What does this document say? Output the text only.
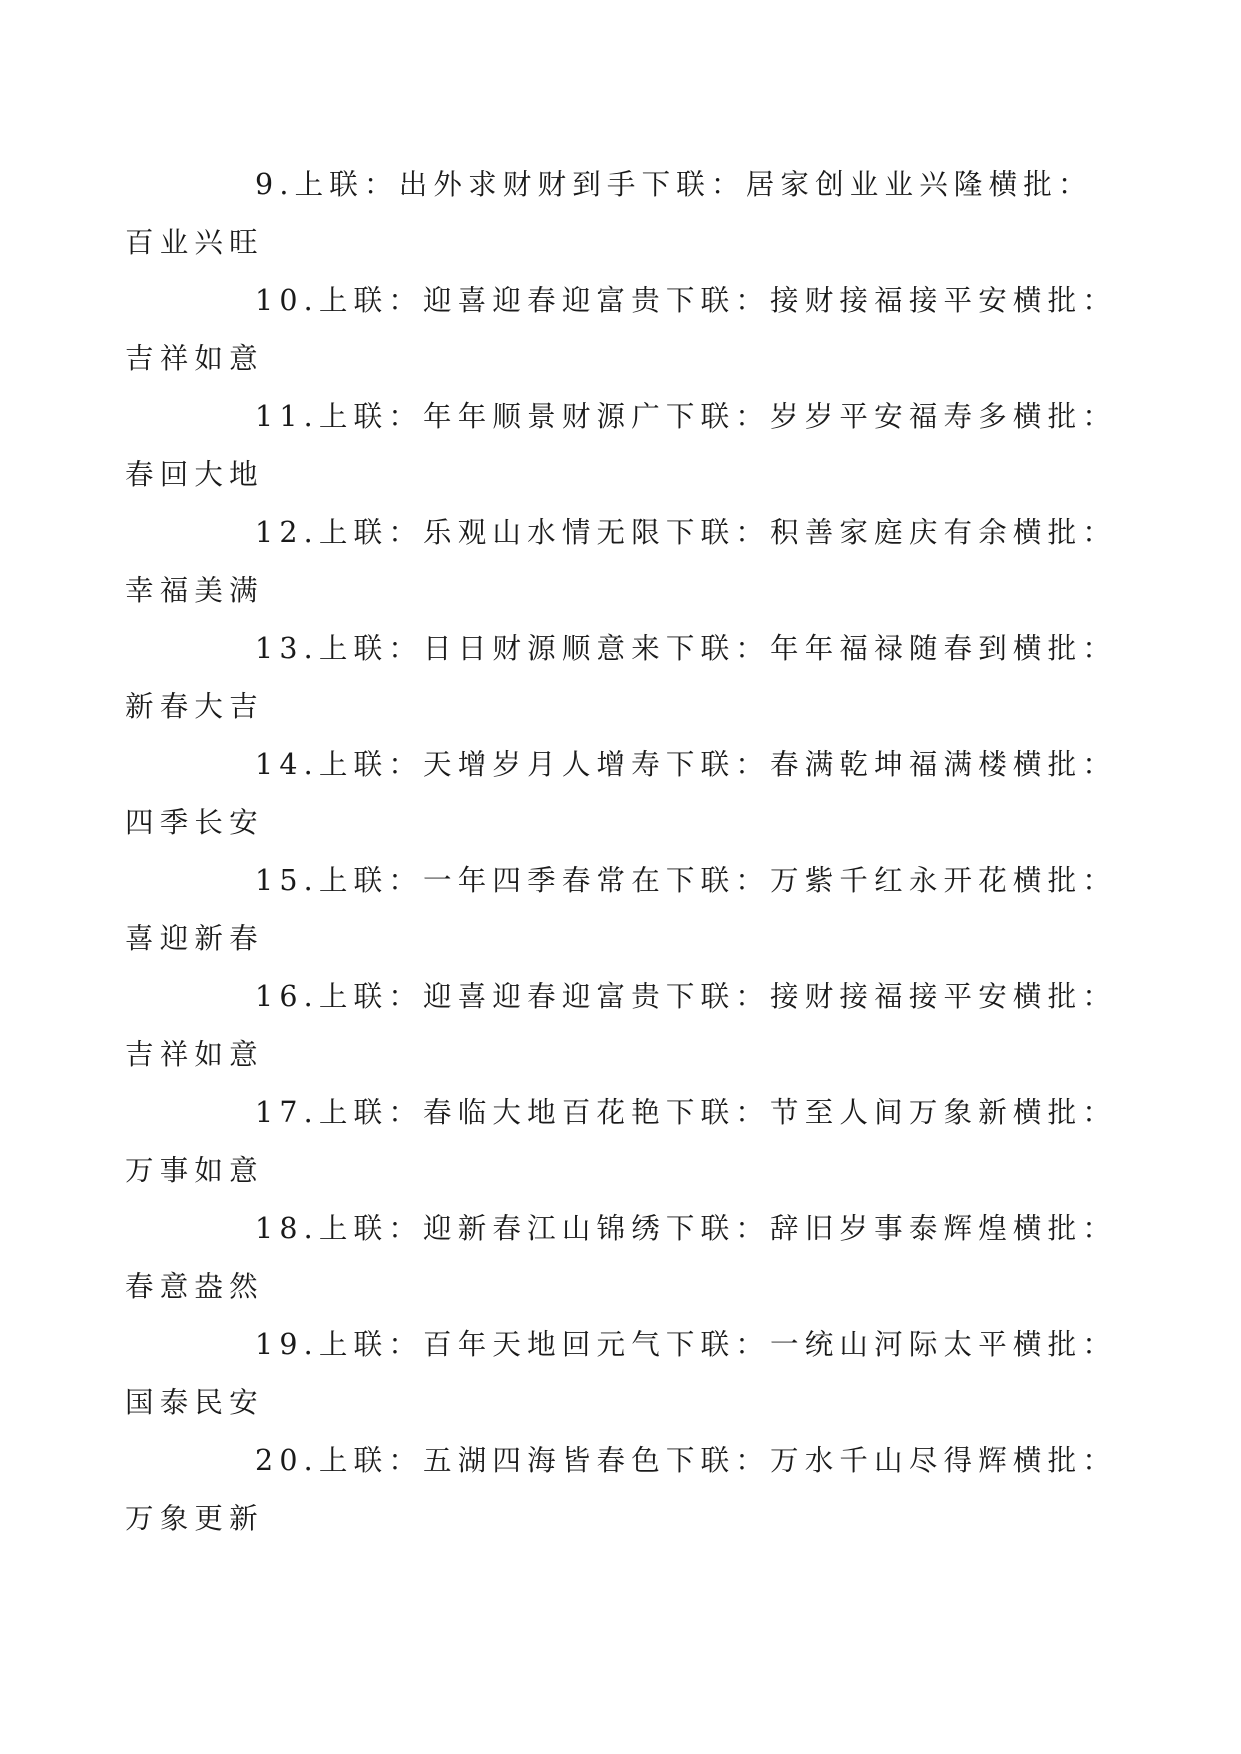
9.上联：出外求财财到手下联：居家创业业兴隆横批：
百业兴旺

10.上联：迎喜迎春迎富贵下联：接财接福接平安横批：
吉祥如意

11.上联：年年顺景财源广下联：岁岁平安福寿多横批：
春回大地

12.上联：乐观山水情无限下联：积善家庭庆有余横批：
幸福美满

13.上联：日日财源顺意来下联：年年福禄随春到横批：
新春大吉

14.上联：天增岁月人增寿下联：春满乾坤福满楼横批：
四季长安

15.上联：一年四季春常在下联：万紫千红永开花横批：
喜迎新春

16.上联：迎喜迎春迎富贵下联：接财接福接平安横批：
吉祥如意

17.上联：春临大地百花艳下联：节至人间万象新横批：
万事如意

18.上联：迎新春江山锦绣下联：辞旧岁事泰辉煌横批：
春意盎然

19.上联：百年天地回元气下联：一统山河际太平横批：
国泰民安

20.上联：五湖四海皆春色下联：万水千山尽得辉横批：
万象更新
